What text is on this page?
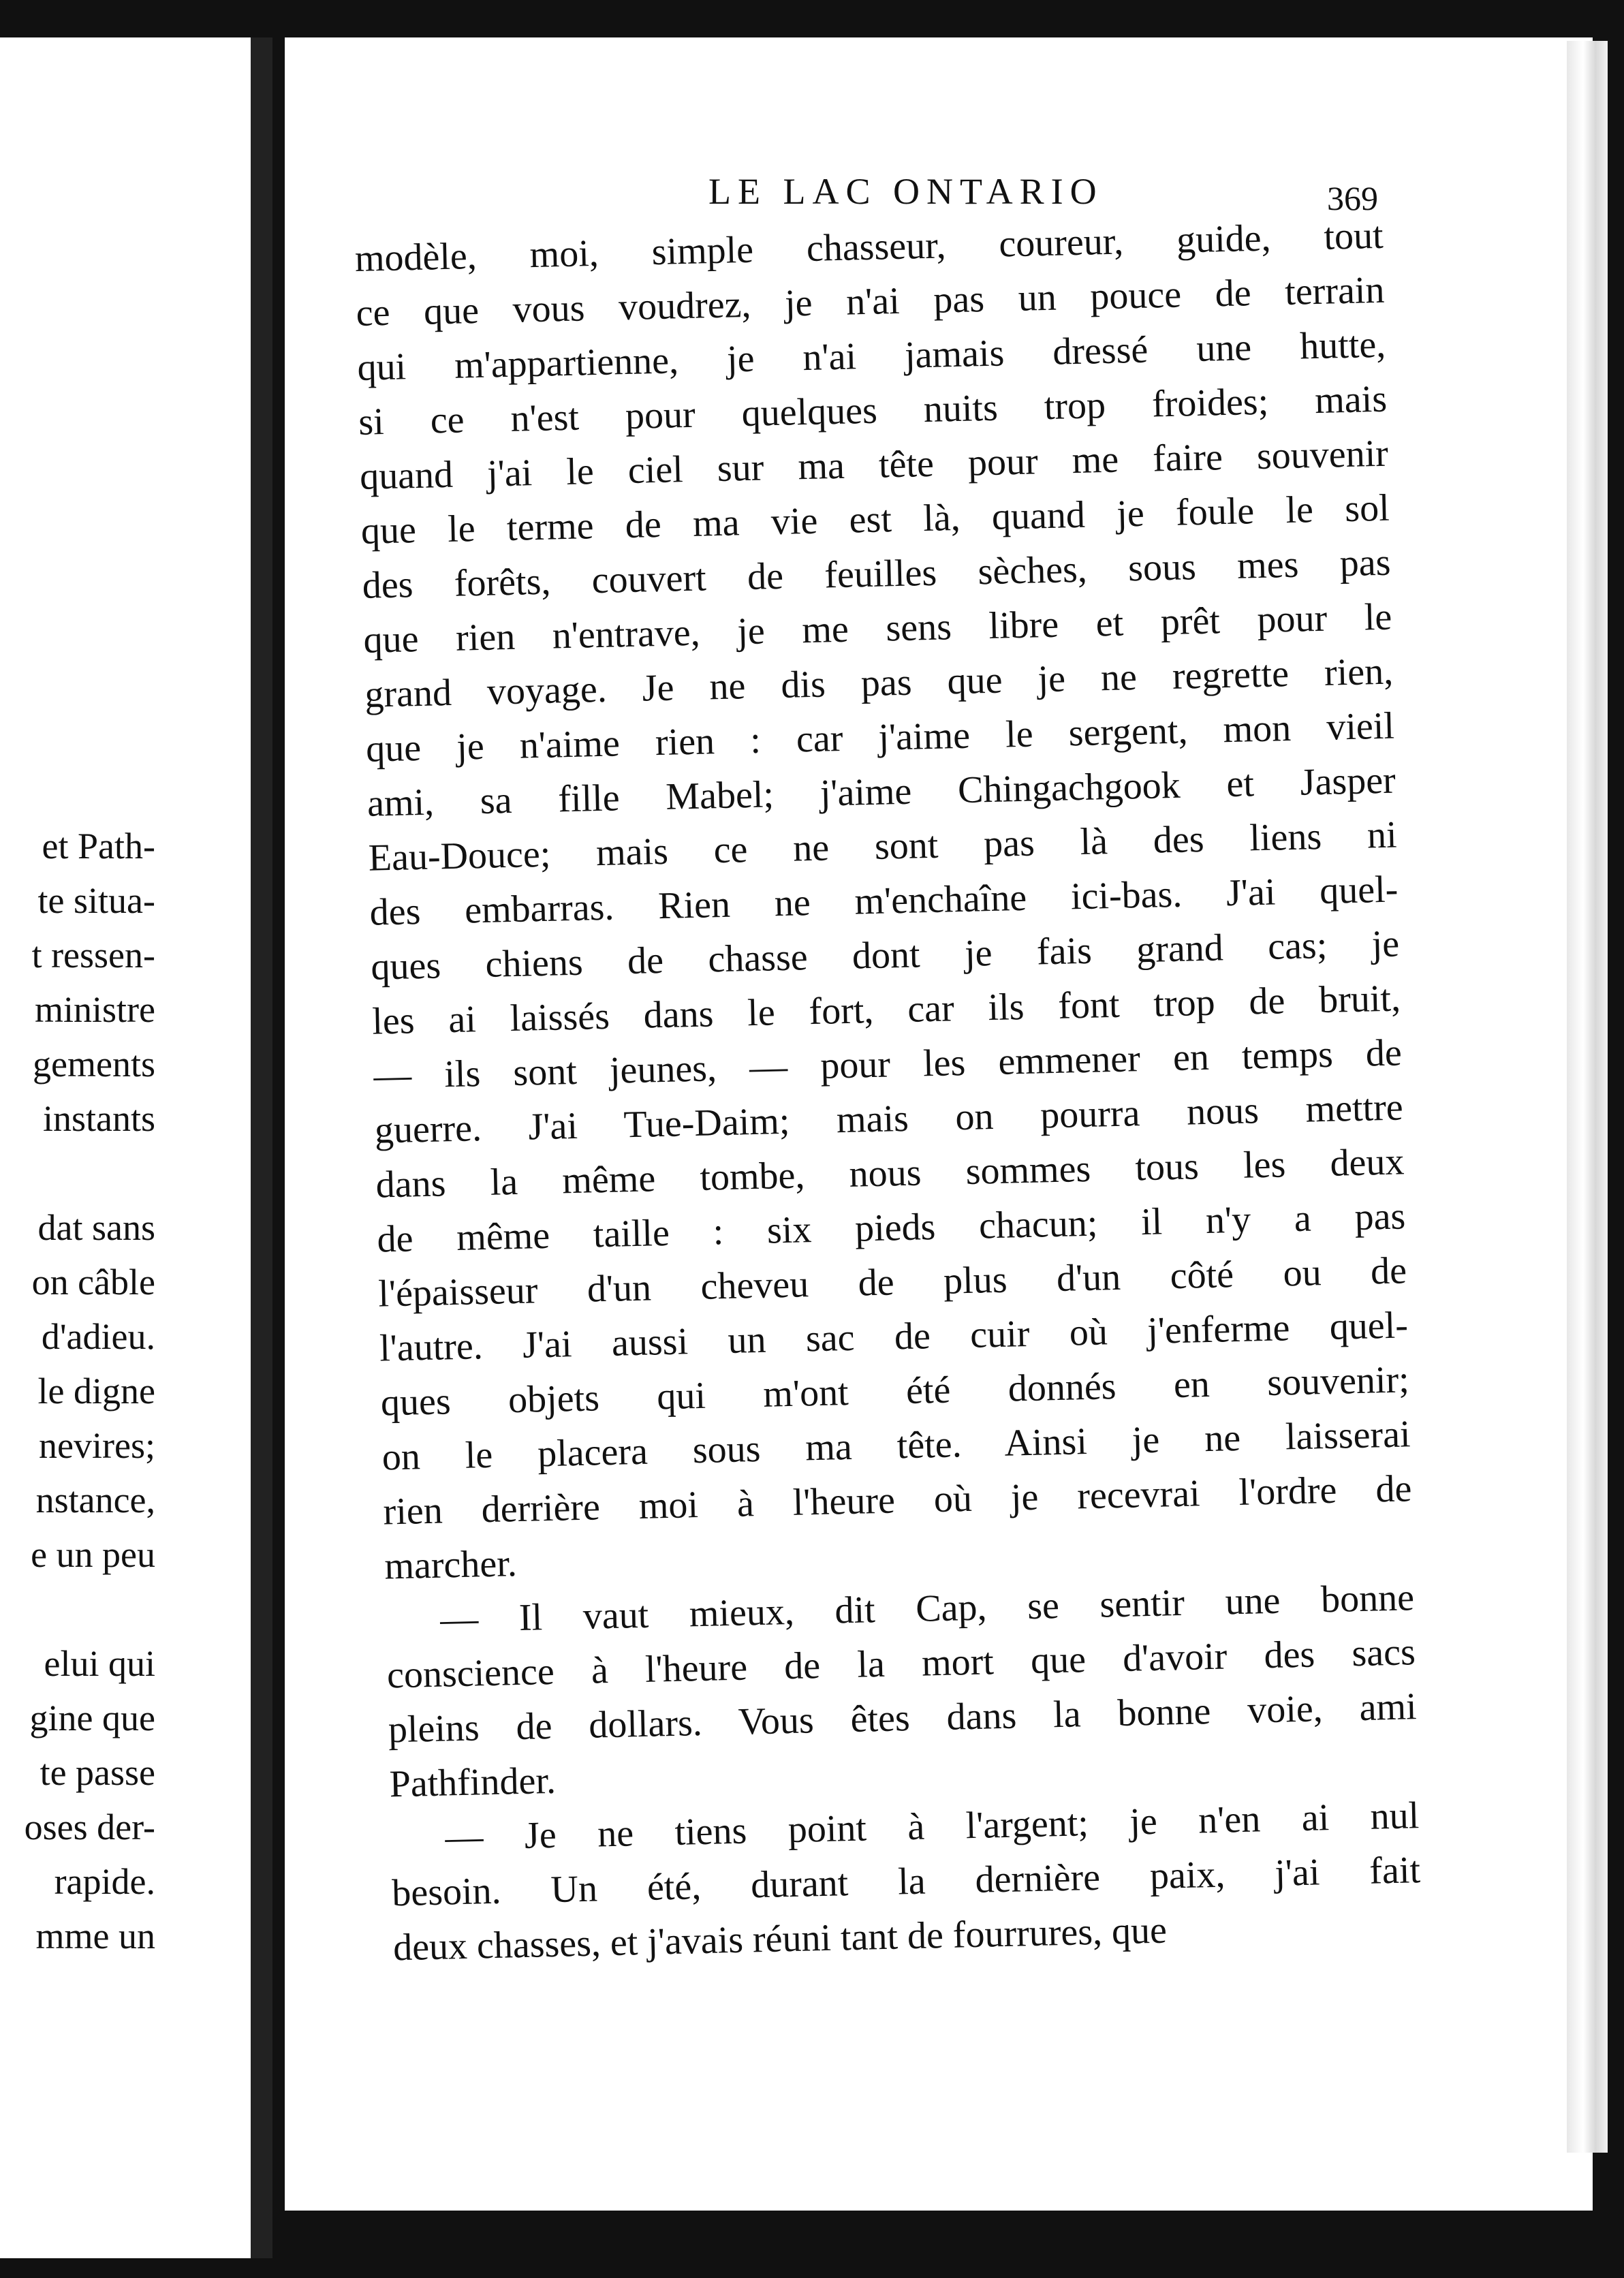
et Path-
te situa-
t ressen-
ministre
gements
instants
dat sans
on câble
d'adieu.
le digne
nevires;
nstance,
e un peu
elui qui
gine que
te passe
oses der-
rapide.
mme un
LE LAC ONTARIO	369
modèle, moi, simple chasseur, coureur, guide, tout
ce que vous voudrez, je n'ai pas un pouce de terrain
qui m'appartienne, je n'ai jamais dressé une hutte,
si ce n'est pour quelques nuits trop froides; mais
quand j'ai le ciel sur ma tête pour me faire souvenir
que le terme de ma vie est là, quand je foule le sol
des forêts, couvert de feuilles sèches, sous mes pas
que rien n'entrave, je me sens libre et prêt pour le
grand voyage. Je ne dis pas que je ne regrette rien,
que je n'aime rien : car j'aime le sergent, mon vieil
ami, sa fille Mabel; j'aime Chingachgook et Jasper
Eau-Douce; mais ce ne sont pas là des liens ni
des embarras. Rien ne m'enchaîne ici-bas. J'ai quel-
ques chiens de chasse dont je fais grand cas; je
les ai laissés dans le fort, car ils font trop de bruit,
— ils sont jeunes, — pour les emmener en temps de
guerre. J'ai Tue-Daim; mais on pourra nous mettre
dans la même tombe, nous sommes tous les deux
de même taille : six pieds chacun; il n'y a pas
l'épaisseur d'un cheveu de plus d'un côté ou de
l'autre. J'ai aussi un sac de cuir où j'enferme quel-
ques objets qui m'ont été donnés en souvenir;
on le placera sous ma tête. Ainsi je ne laisserai
rien derrière moi à l'heure où je recevrai l'ordre de
marcher.
— Il vaut mieux, dit Cap, se sentir une bonne
conscience à l'heure de la mort que d'avoir des sacs
pleins de dollars. Vous êtes dans la bonne voie, ami
Pathfinder.
— Je ne tiens point à l'argent; je n'en ai nul
besoin. Un été, durant la dernière paix, j'ai fait
deux chasses, et j'avais réuni tant de fourrures, que
